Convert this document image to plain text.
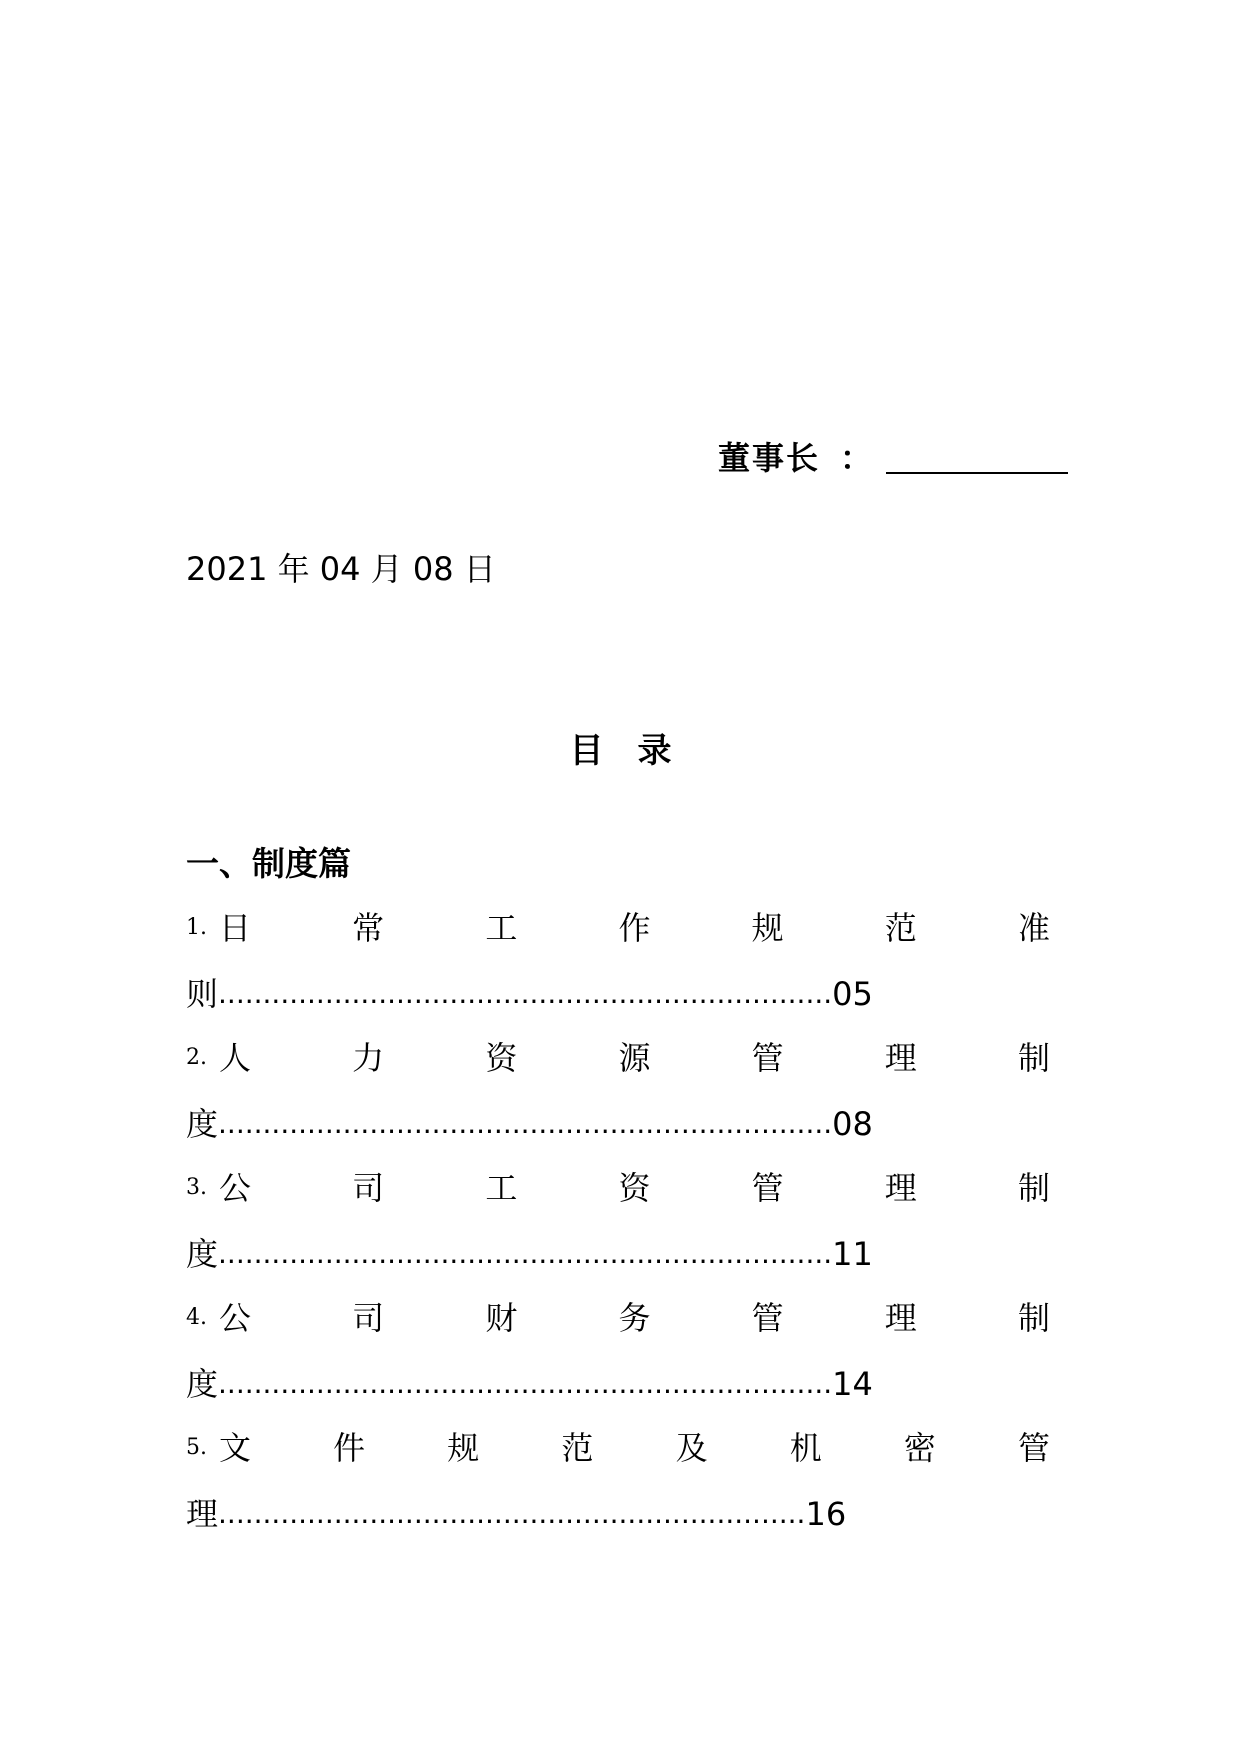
董事长 ：
2021 年 04 月 08 日
目　录
一、制度篇
1. 日	常	工	作	规	范	准
则 ..................................................................... 05
2. 人	力	资	源	管	理	制
度 ..................................................................... 08
3. 公	司	工	资	管	理	制
度 ..................................................................... 11
4. 公	司	财	务	管	理	制
度 ..................................................................... 14
5. 文	件	规	范	及	机	密	管
理 .................................................................. 16
